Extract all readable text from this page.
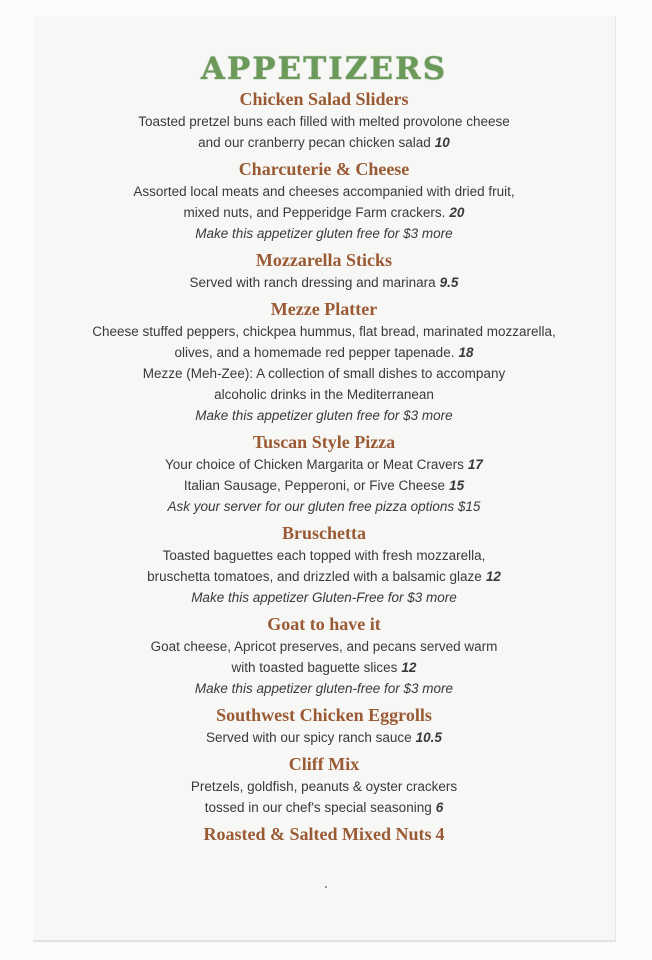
APPETIZERS

Chicken Salad Sliders

Toasted pretzel buns each filled with melted provolone cheese

and our cranberry pecan chicken salad 10

Charcuterie & Cheese

Assorted local meats and cheeses accompanied with dried fruit,

mixed nuts, and Pepperidge Farm crackers. 20

Make this appetizer gluten free for $3 more

Mozzarella Sticks

Served with ranch dressing and marinara 9.5

Mezze Platter

Cheese stuffed peppers, chickpea hummus, flat bread, marinated mozzarella,

olives, and a homemade red pepper tapenade. 18

Mezze (Meh-Zee): A collection of small dishes to accompany

alcoholic drinks in the Mediterranean

Make this appetizer gluten free for $3 more

Tuscan Style Pizza

Your choice of Chicken Margarita or Meat Cravers 17

Italian Sausage, Pepperoni, or Five Cheese 15

Ask your server for our gluten free pizza options $15

Bruschetta

Toasted baguettes each topped with fresh mozzarella,

bruschetta tomatoes, and drizzled with a balsamic glaze 12

Make this appetizer Gluten-Free for $3 more

Goat to have it

Goat cheese, Apricot preserves, and pecans served warm

with toasted baguette slices 12

Make this appetizer gluten-free for $3 more

Southwest Chicken Eggrolls

Served with our spicy ranch sauce 10.5

Cliff Mix

Pretzels, goldfish, peanuts & oyster crackers

tossed in our chef's special seasoning 6

Roasted & Salted Mixed Nuts 4
